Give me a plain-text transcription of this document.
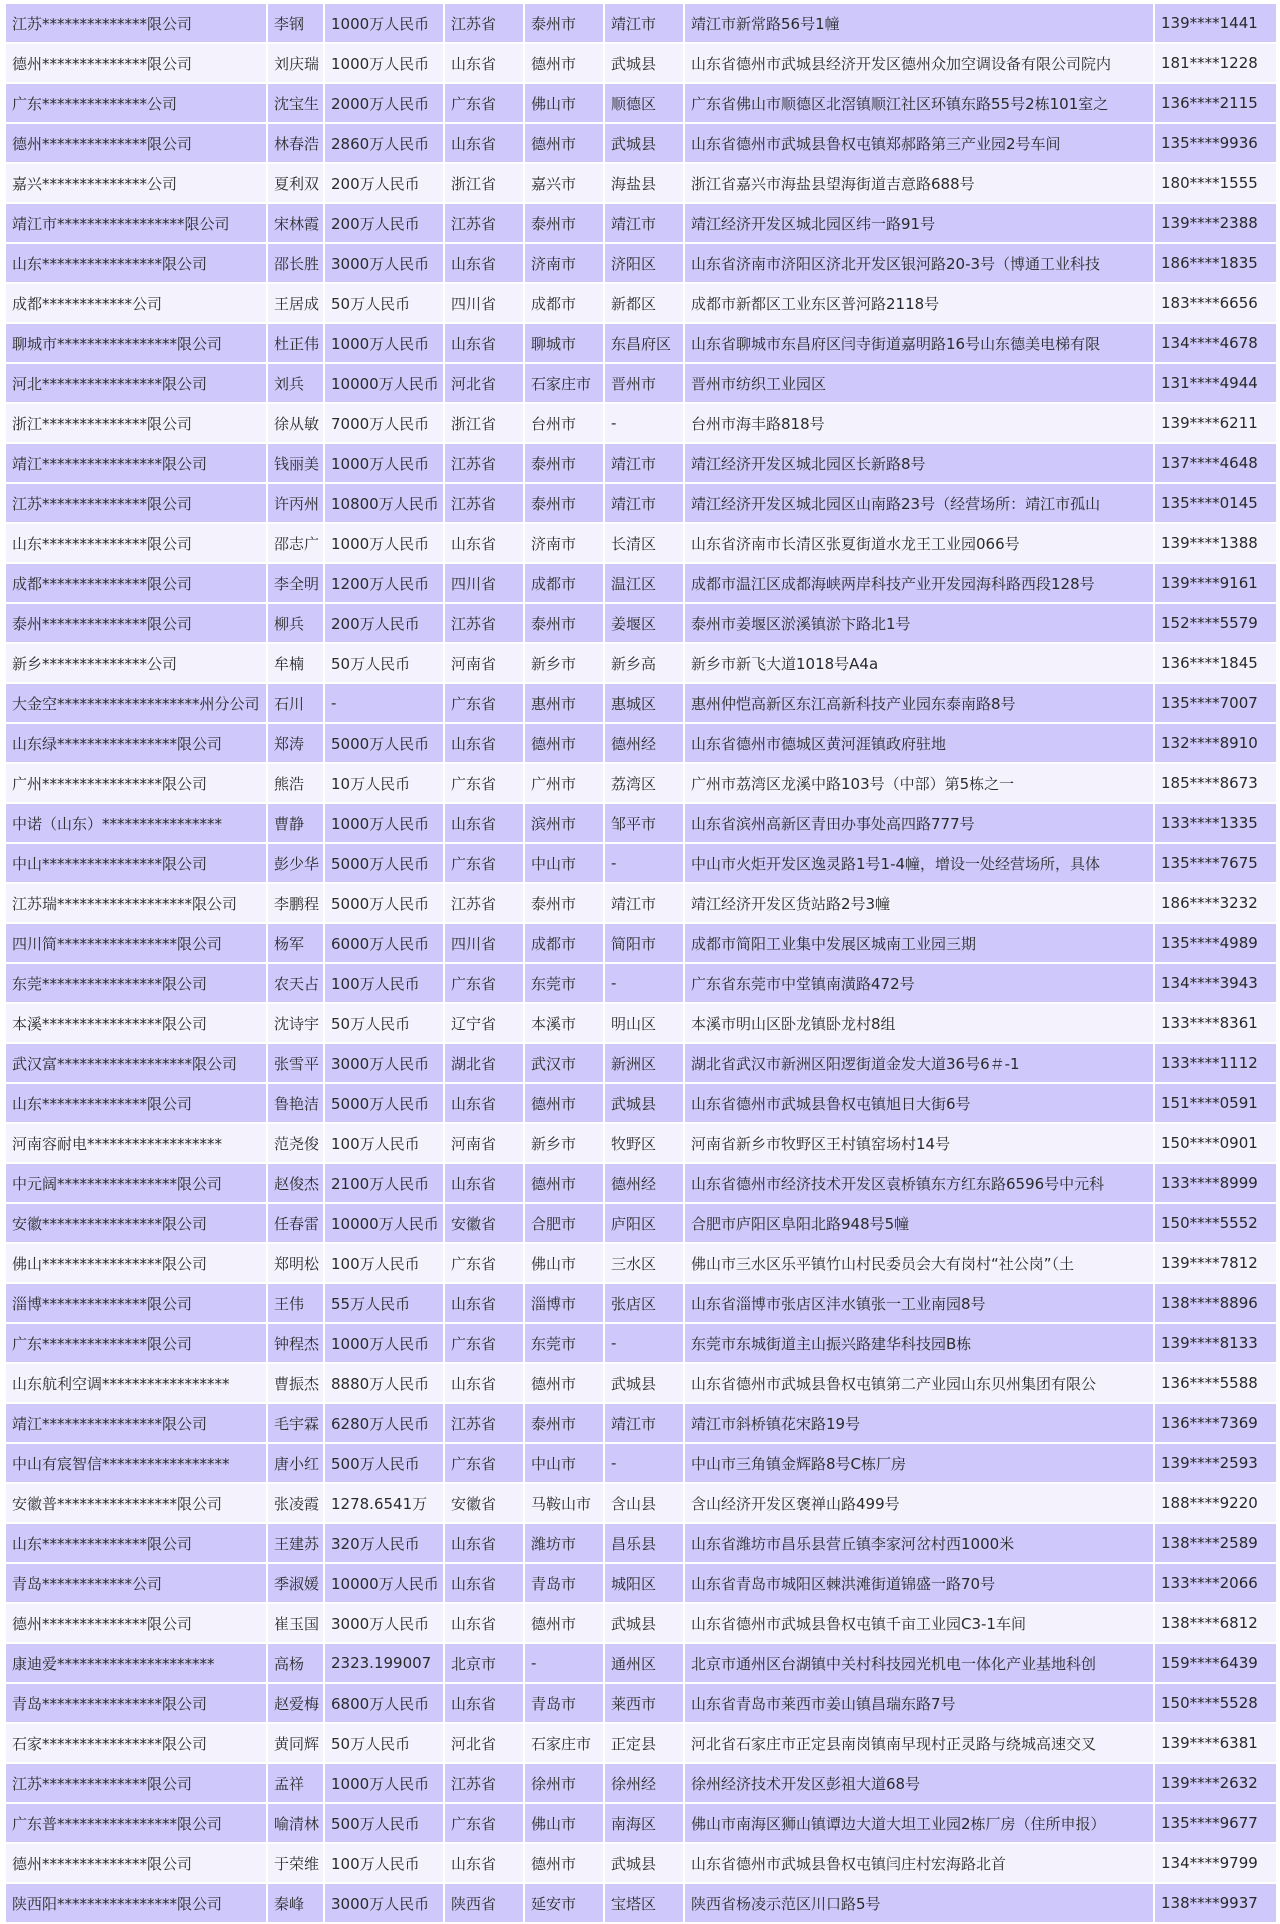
江苏**************限公司	李钢	1000万人民币	江苏省	泰州市	靖江市	靖江市新常路56号1幢	139****1441
德州**************限公司	刘庆瑞	1000万人民币	山东省	德州市	武城县	山东省德州市武城县经济开发区德州众加空调设备有限公司院内	181****1228
广东**************公司	沈宝生	2000万人民币	广东省	佛山市	顺德区	广东省佛山市顺德区北滘镇顺江社区环镇东路55号2栋101室之	136****2115
德州**************限公司	林春浩	2860万人民币	山东省	德州市	武城县	山东省德州市武城县鲁权屯镇郑郝路第三产业园2号车间	135****9936
嘉兴**************公司	夏利双	200万人民币	浙江省	嘉兴市	海盐县	浙江省嘉兴市海盐县望海街道吉意路688号	180****1555
靖江市*****************限公司	宋林霞	200万人民币	江苏省	泰州市	靖江市	靖江经济开发区城北园区纬一路91号	139****2388
山东****************限公司	邵长胜	3000万人民币	山东省	济南市	济阳区	山东省济南市济阳区济北开发区银河路20-3号（博通工业科技	186****1835
成都************公司	王居成	50万人民币	四川省	成都市	新都区	成都市新都区工业东区普河路2118号	183****6656
聊城市****************限公司	杜正伟	1000万人民币	山东省	聊城市	东昌府区	山东省聊城市东昌府区闫寺街道嘉明路16号山东德美电梯有限	134****4678
河北****************限公司	刘兵	10000万人民币	河北省	石家庄市	晋州市	晋州市纺织工业园区	131****4944
浙江**************限公司	徐从敏	7000万人民币	浙江省	台州市	-	台州市海丰路818号	139****6211
靖江****************限公司	钱丽美	1000万人民币	江苏省	泰州市	靖江市	靖江经济开发区城北园区长新路8号	137****4648
江苏**************限公司	许丙州	10800万人民币	江苏省	泰州市	靖江市	靖江经济开发区城北园区山南路23号（经营场所：靖江市孤山	135****0145
山东**************限公司	邵志广	1000万人民币	山东省	济南市	长清区	山东省济南市长清区张夏街道水龙王工业园066号	139****1388
成都**************限公司	李全明	1200万人民币	四川省	成都市	温江区	成都市温江区成都海峡两岸科技产业开发园海科路西段128号	139****9161
泰州**************限公司	柳兵	200万人民币	江苏省	泰州市	姜堰区	泰州市姜堰区淤溪镇淤卞路北1号	152****5579
新乡**************公司	牟楠	50万人民币	河南省	新乡市	新乡高	新乡市新飞大道1018号A4a	136****1845
大金空*******************州分公司	石川	-	广东省	惠州市	惠城区	惠州仲恺高新区东江高新科技产业园东泰南路8号	135****7007
山东绿****************限公司	郑涛	5000万人民币	山东省	德州市	德州经	山东省德州市德城区黄河涯镇政府驻地	132****8910
广州****************限公司	熊浩	10万人民币	广东省	广州市	荔湾区	广州市荔湾区龙溪中路103号（中部）第5栋之一	185****8673
中诺（山东）****************	曹静	1000万人民币	山东省	滨州市	邹平市	山东省滨州高新区青田办事处高四路777号	133****1335
中山****************限公司	彭少华	5000万人民币	广东省	中山市	-	中山市火炬开发区逸灵路1号1-4幢，增设一处经营场所，具体	135****7675
江苏瑞******************限公司	李鹏程	5000万人民币	江苏省	泰州市	靖江市	靖江经济开发区货站路2号3幢	186****3232
四川简****************限公司	杨军	6000万人民币	四川省	成都市	简阳市	成都市简阳工业集中发展区城南工业园三期	135****4989
东莞****************限公司	农天占	100万人民币	广东省	东莞市	-	广东省东莞市中堂镇南潢路472号	134****3943
本溪****************限公司	沈诗宇	50万人民币	辽宁省	本溪市	明山区	本溪市明山区卧龙镇卧龙村8组	133****8361
武汉富******************限公司	张雪平	3000万人民币	湖北省	武汉市	新洲区	湖北省武汉市新洲区阳逻街道金发大道36号6＃-1	133****1112
山东**************限公司	鲁艳洁	5000万人民币	山东省	德州市	武城县	山东省德州市武城县鲁权屯镇旭日大街6号	151****0591
河南容耐电******************	范尧俊	100万人民币	河南省	新乡市	牧野区	河南省新乡市牧野区王村镇窑场村14号	150****0901
中元阔****************限公司	赵俊杰	2100万人民币	山东省	德州市	德州经	山东省德州市经济技术开发区袁桥镇东方红东路6596号中元科	133****8999
安徽****************限公司	任春雷	10000万人民币	安徽省	合肥市	庐阳区	合肥市庐阳区阜阳北路948号5幢	150****5552
佛山****************限公司	郑明松	100万人民币	广东省	佛山市	三水区	佛山市三水区乐平镇竹山村民委员会大有岗村“社公岗”（土	139****7812
淄博**************限公司	王伟	55万人民币	山东省	淄博市	张店区	山东省淄博市张店区沣水镇张一工业南园8号	138****8896
广东**************限公司	钟程杰	1000万人民币	广东省	东莞市	-	东莞市东城街道主山振兴路建华科技园B栋	139****8133
山东航利空调*****************	曹振杰	8880万人民币	山东省	德州市	武城县	山东省德州市武城县鲁权屯镇第二产业园山东贝州集团有限公	136****5588
靖江****************限公司	毛宇霖	6280万人民币	江苏省	泰州市	靖江市	靖江市斜桥镇花宋路19号	136****7369
中山有宸智信*****************	唐小红	500万人民币	广东省	中山市	-	中山市三角镇金辉路8号C栋厂房	139****2593
安徽普****************限公司	张凌霞	1278.6541万	安徽省	马鞍山市	含山县	含山经济开发区褒禅山路499号	188****9220
山东**************限公司	王建苏	320万人民币	山东省	潍坊市	昌乐县	山东省潍坊市昌乐县营丘镇李家河岔村西1000米	138****2589
青岛************公司	季淑媛	10000万人民币	山东省	青岛市	城阳区	山东省青岛市城阳区棘洪滩街道锦盛一路70号	133****2066
德州**************限公司	崔玉国	3000万人民币	山东省	德州市	武城县	山东省德州市武城县鲁权屯镇千亩工业园C3-1车间	138****6812
康迪爱*********************	高杨	2323.199007	北京市	-	通州区	北京市通州区台湖镇中关村科技园光机电一体化产业基地科创	159****6439
青岛****************限公司	赵爱梅	6800万人民币	山东省	青岛市	莱西市	山东省青岛市莱西市姜山镇昌瑞东路7号	150****5528
石家****************限公司	黄同辉	50万人民币	河北省	石家庄市	正定县	河北省石家庄市正定县南岗镇南早现村正灵路与绕城高速交叉	139****6381
江苏**************限公司	孟祥	1000万人民币	江苏省	徐州市	徐州经	徐州经济技术开发区彭祖大道68号	139****2632
广东普****************限公司	喻清林	500万人民币	广东省	佛山市	南海区	佛山市南海区狮山镇谭边大道大坦工业园2栋厂房（住所申报）	135****9677
德州**************限公司	于荣维	100万人民币	山东省	德州市	武城县	山东省德州市武城县鲁权屯镇闫庄村宏海路北首	134****9799
陕西阳****************限公司	秦峰	3000万人民币	陕西省	延安市	宝塔区	陕西省杨凌示范区川口路5号	138****9937
